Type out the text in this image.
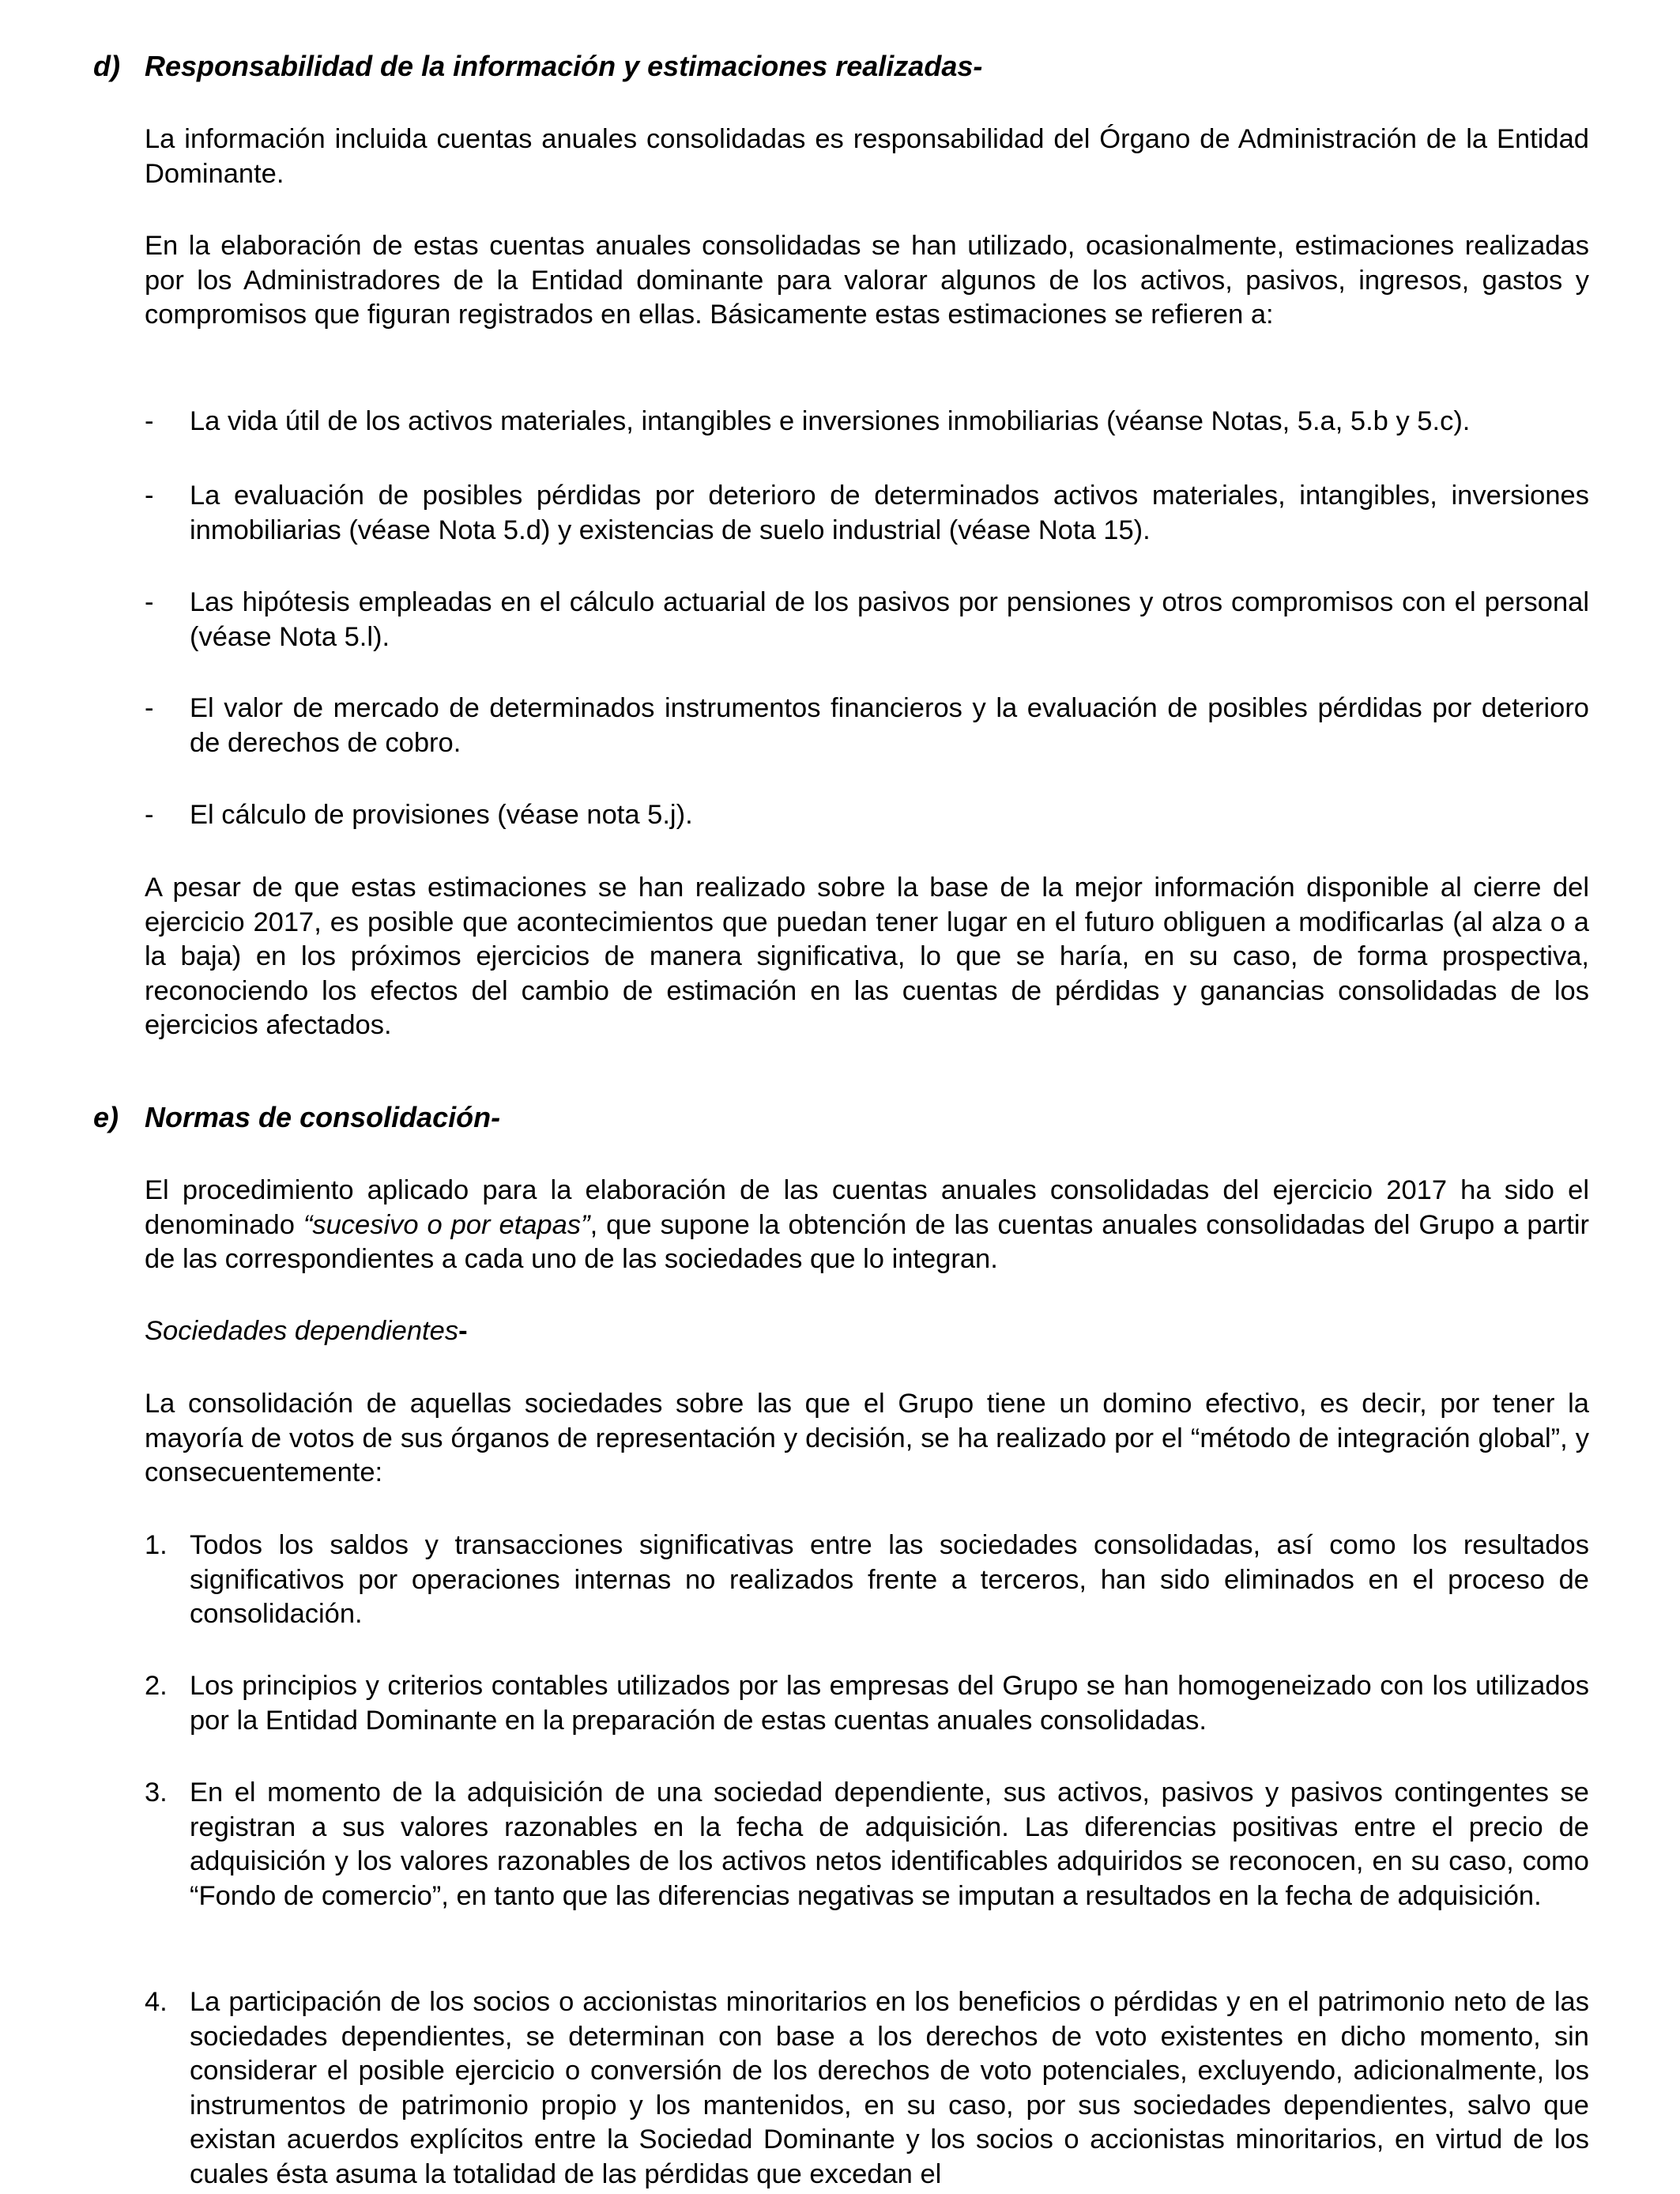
d) Responsabilidad de la información y estimaciones realizadas-

La información incluida cuentas anuales consolidadas es responsabilidad del Órgano de Administración de la Entidad Dominante.

En la elaboración de estas cuentas anuales consolidadas se han utilizado, ocasionalmente, estimaciones realizadas por los Administradores de la Entidad dominante para valorar algunos de los activos, pasivos, ingresos, gastos y compromisos que figuran registrados en ellas. Básicamente estas estimaciones se refieren a:

-	La vida útil de los activos materiales, intangibles e inversiones inmobiliarias (véanse Notas, 5.a, 5.b y 5.c).
-	La evaluación de posibles pérdidas por deterioro de determinados activos materiales, intangibles, inversiones inmobiliarias (véase Nota 5.d) y existencias de suelo industrial (véase Nota 15).
-	Las hipótesis empleadas en el cálculo actuarial de los pasivos por pensiones y otros compromisos con el personal (véase Nota 5.l).
-	El valor de mercado de determinados instrumentos financieros y la evaluación de posibles pérdidas por deterioro de derechos de cobro.
-	El cálculo de provisiones (véase nota 5.j).

A pesar de que estas estimaciones se han realizado sobre la base de la mejor información disponible al cierre del ejercicio 2017, es posible que acontecimientos que puedan tener lugar en el futuro obliguen a modificarlas (al alza o a la baja) en los próximos ejercicios de manera significativa, lo que se haría, en su caso, de forma prospectiva, reconociendo los efectos del cambio de estimación en las cuentas de pérdidas y ganancias consolidadas de los ejercicios afectados.

e) Normas de consolidación-

El procedimiento aplicado para la elaboración de las cuentas anuales consolidadas del ejercicio 2017 ha sido el denominado “sucesivo o por etapas”, que supone la obtención de las cuentas anuales consolidadas del Grupo a partir de las correspondientes a cada uno de las sociedades que lo integran.

Sociedades dependientes-

La consolidación de aquellas sociedades sobre las que el Grupo tiene un domino efectivo, es decir, por tener la mayoría de votos de sus órganos de representación y decisión, se ha realizado por el “método de integración global”, y consecuentemente:

1. Todos los saldos y transacciones significativas entre las sociedades consolidadas, así como los resultados significativos por operaciones internas no realizados frente a terceros, han sido eliminados en el proceso de consolidación.
2. Los principios y criterios contables utilizados por las empresas del Grupo se han homogeneizado con los utilizados por la Entidad Dominante en la preparación de estas cuentas anuales consolidadas.
3. En el momento de la adquisición de una sociedad dependiente, sus activos, pasivos y pasivos contingentes se registran a sus valores razonables en la fecha de adquisición. Las diferencias positivas entre el precio de adquisición y los valores razonables de los activos netos identificables adquiridos se reconocen, en su caso, como “Fondo de comercio”, en tanto que las diferencias negativas se imputan a resultados en la fecha de adquisición.
4. La participación de los socios o accionistas minoritarios en los beneficios o pérdidas y en el patrimonio neto de las sociedades dependientes, se determinan con base a los derechos de voto existentes en dicho momento, sin considerar el posible ejercicio o conversión de los derechos de voto potenciales, excluyendo, adicionalmente, los instrumentos de patrimonio propio y los mantenidos, en su caso, por sus sociedades dependientes, salvo que existan acuerdos explícitos entre la Sociedad Dominante y los socios o accionistas minoritarios, en virtud de los cuales ésta asuma la totalidad de las pérdidas que excedan el
